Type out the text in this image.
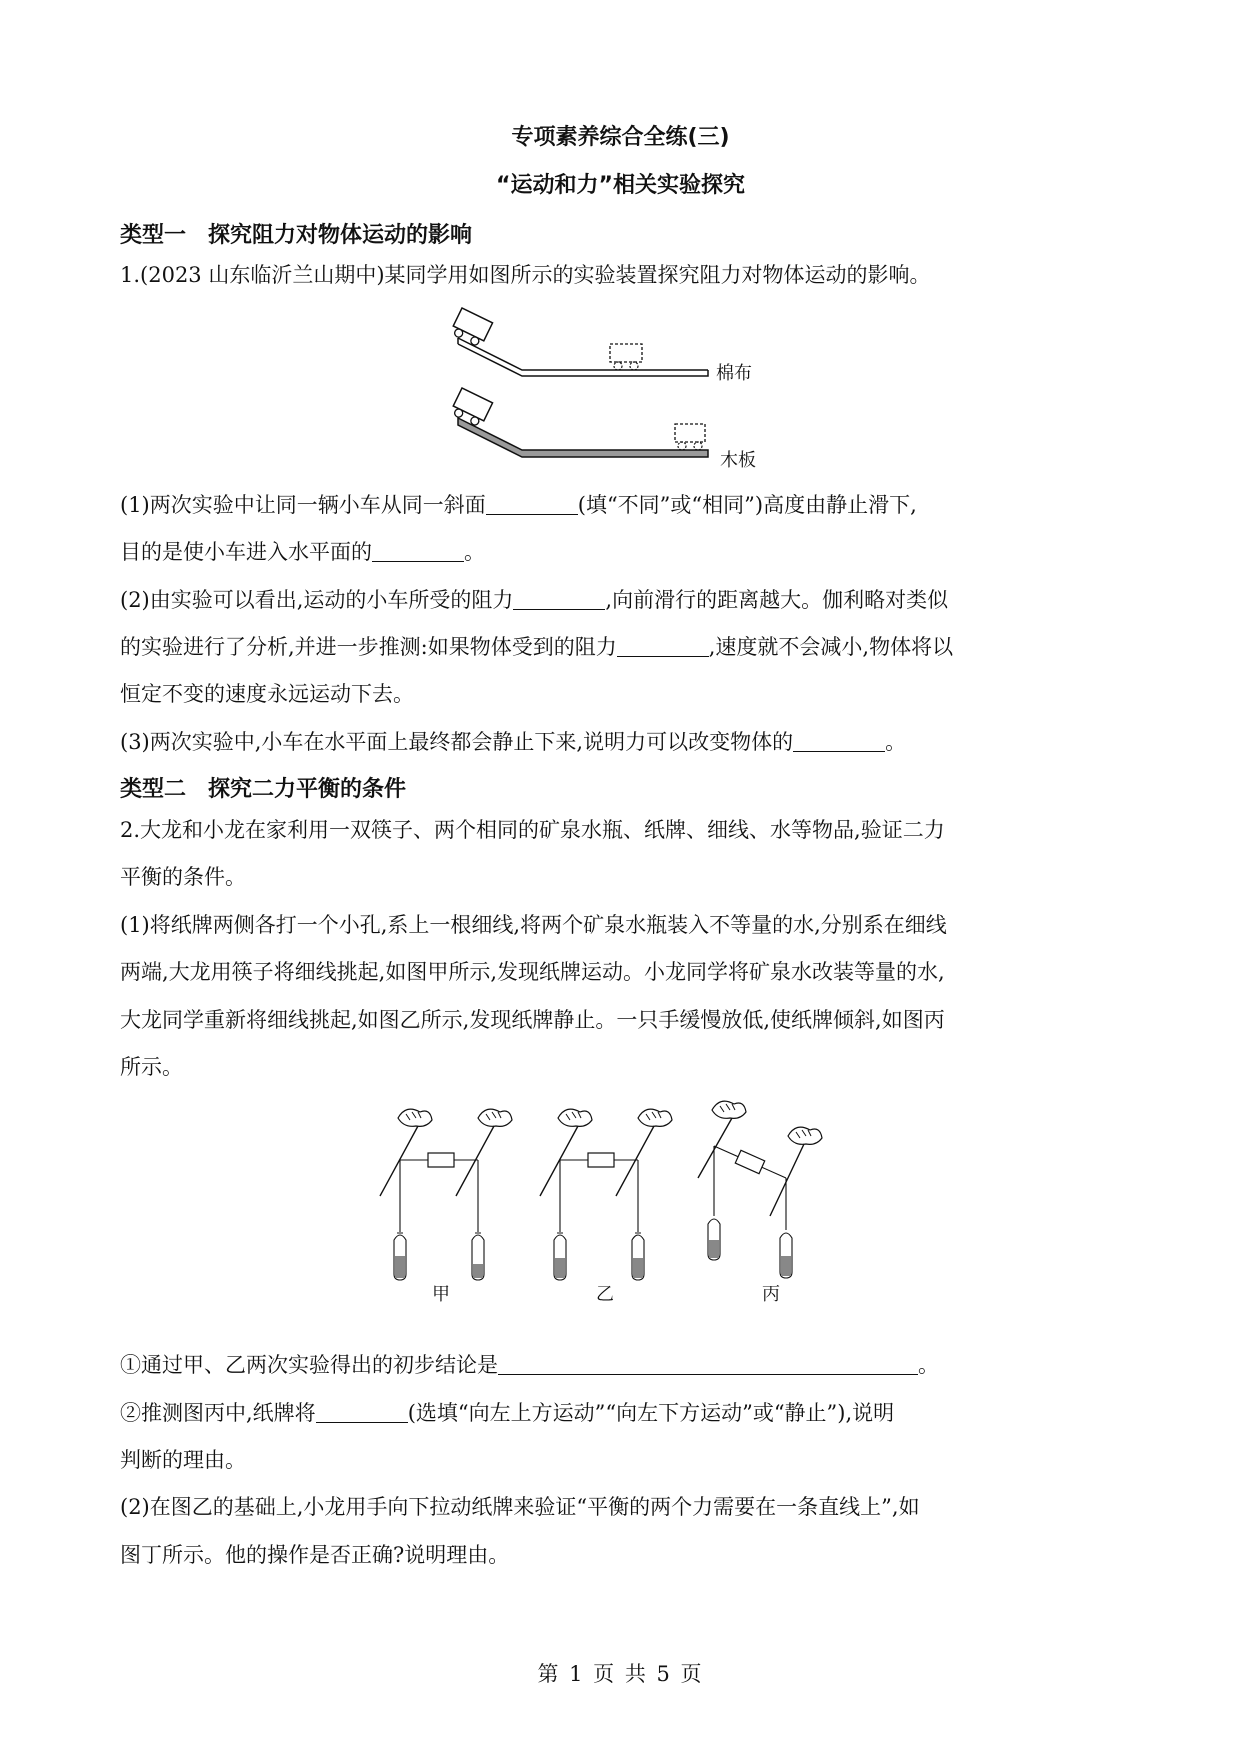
专项素养综合全练(三)
“运动和力”相关实验探究
类型一　探究阻力对物体运动的影响
1.(2023 山东临沂兰山期中)某同学用如图所示的实验装置探究阻力对物体运动的影响。
棉布
木板
(1)两次实验中让同一辆小车从同一斜面	(填“不同”或“相同”)高度由静止滑下,
目的是使小车进入水平面的	。
(2)由实验可以看出,运动的小车所受的阻力	,向前滑行的距离越大。伽利略对类似
的实验进行了分析,并进一步推测:如果物体受到的阻力	,速度就不会减小,物体将以
恒定不变的速度永远运动下去。
(3)两次实验中,小车在水平面上最终都会静止下来,说明力可以改变物体的	。
类型二　探究二力平衡的条件
2.大龙和小龙在家利用一双筷子、两个相同的矿泉水瓶、纸牌、细线、水等物品,验证二力
平衡的条件。
(1)将纸牌两侧各打一个小孔,系上一根细线,将两个矿泉水瓶装入不等量的水,分别系在细线
两端,大龙用筷子将细线挑起,如图甲所示,发现纸牌运动。小龙同学将矿泉水改装等量的水,
大龙同学重新将细线挑起,如图乙所示,发现纸牌静止。一只手缓慢放低,使纸牌倾斜,如图丙
所示。
甲	乙	丙
①通过甲、乙两次实验得出的初步结论是	。
②推测图丙中,纸牌将	(选填“向左上方运动”“向左下方运动”或“静止”),说明
判断的理由。
(2)在图乙的基础上,小龙用手向下拉动纸牌来验证“平衡的两个力需要在一条直线上”,如
图丁所示。他的操作是否正确?说明理由。
第 1 页 共 5 页
